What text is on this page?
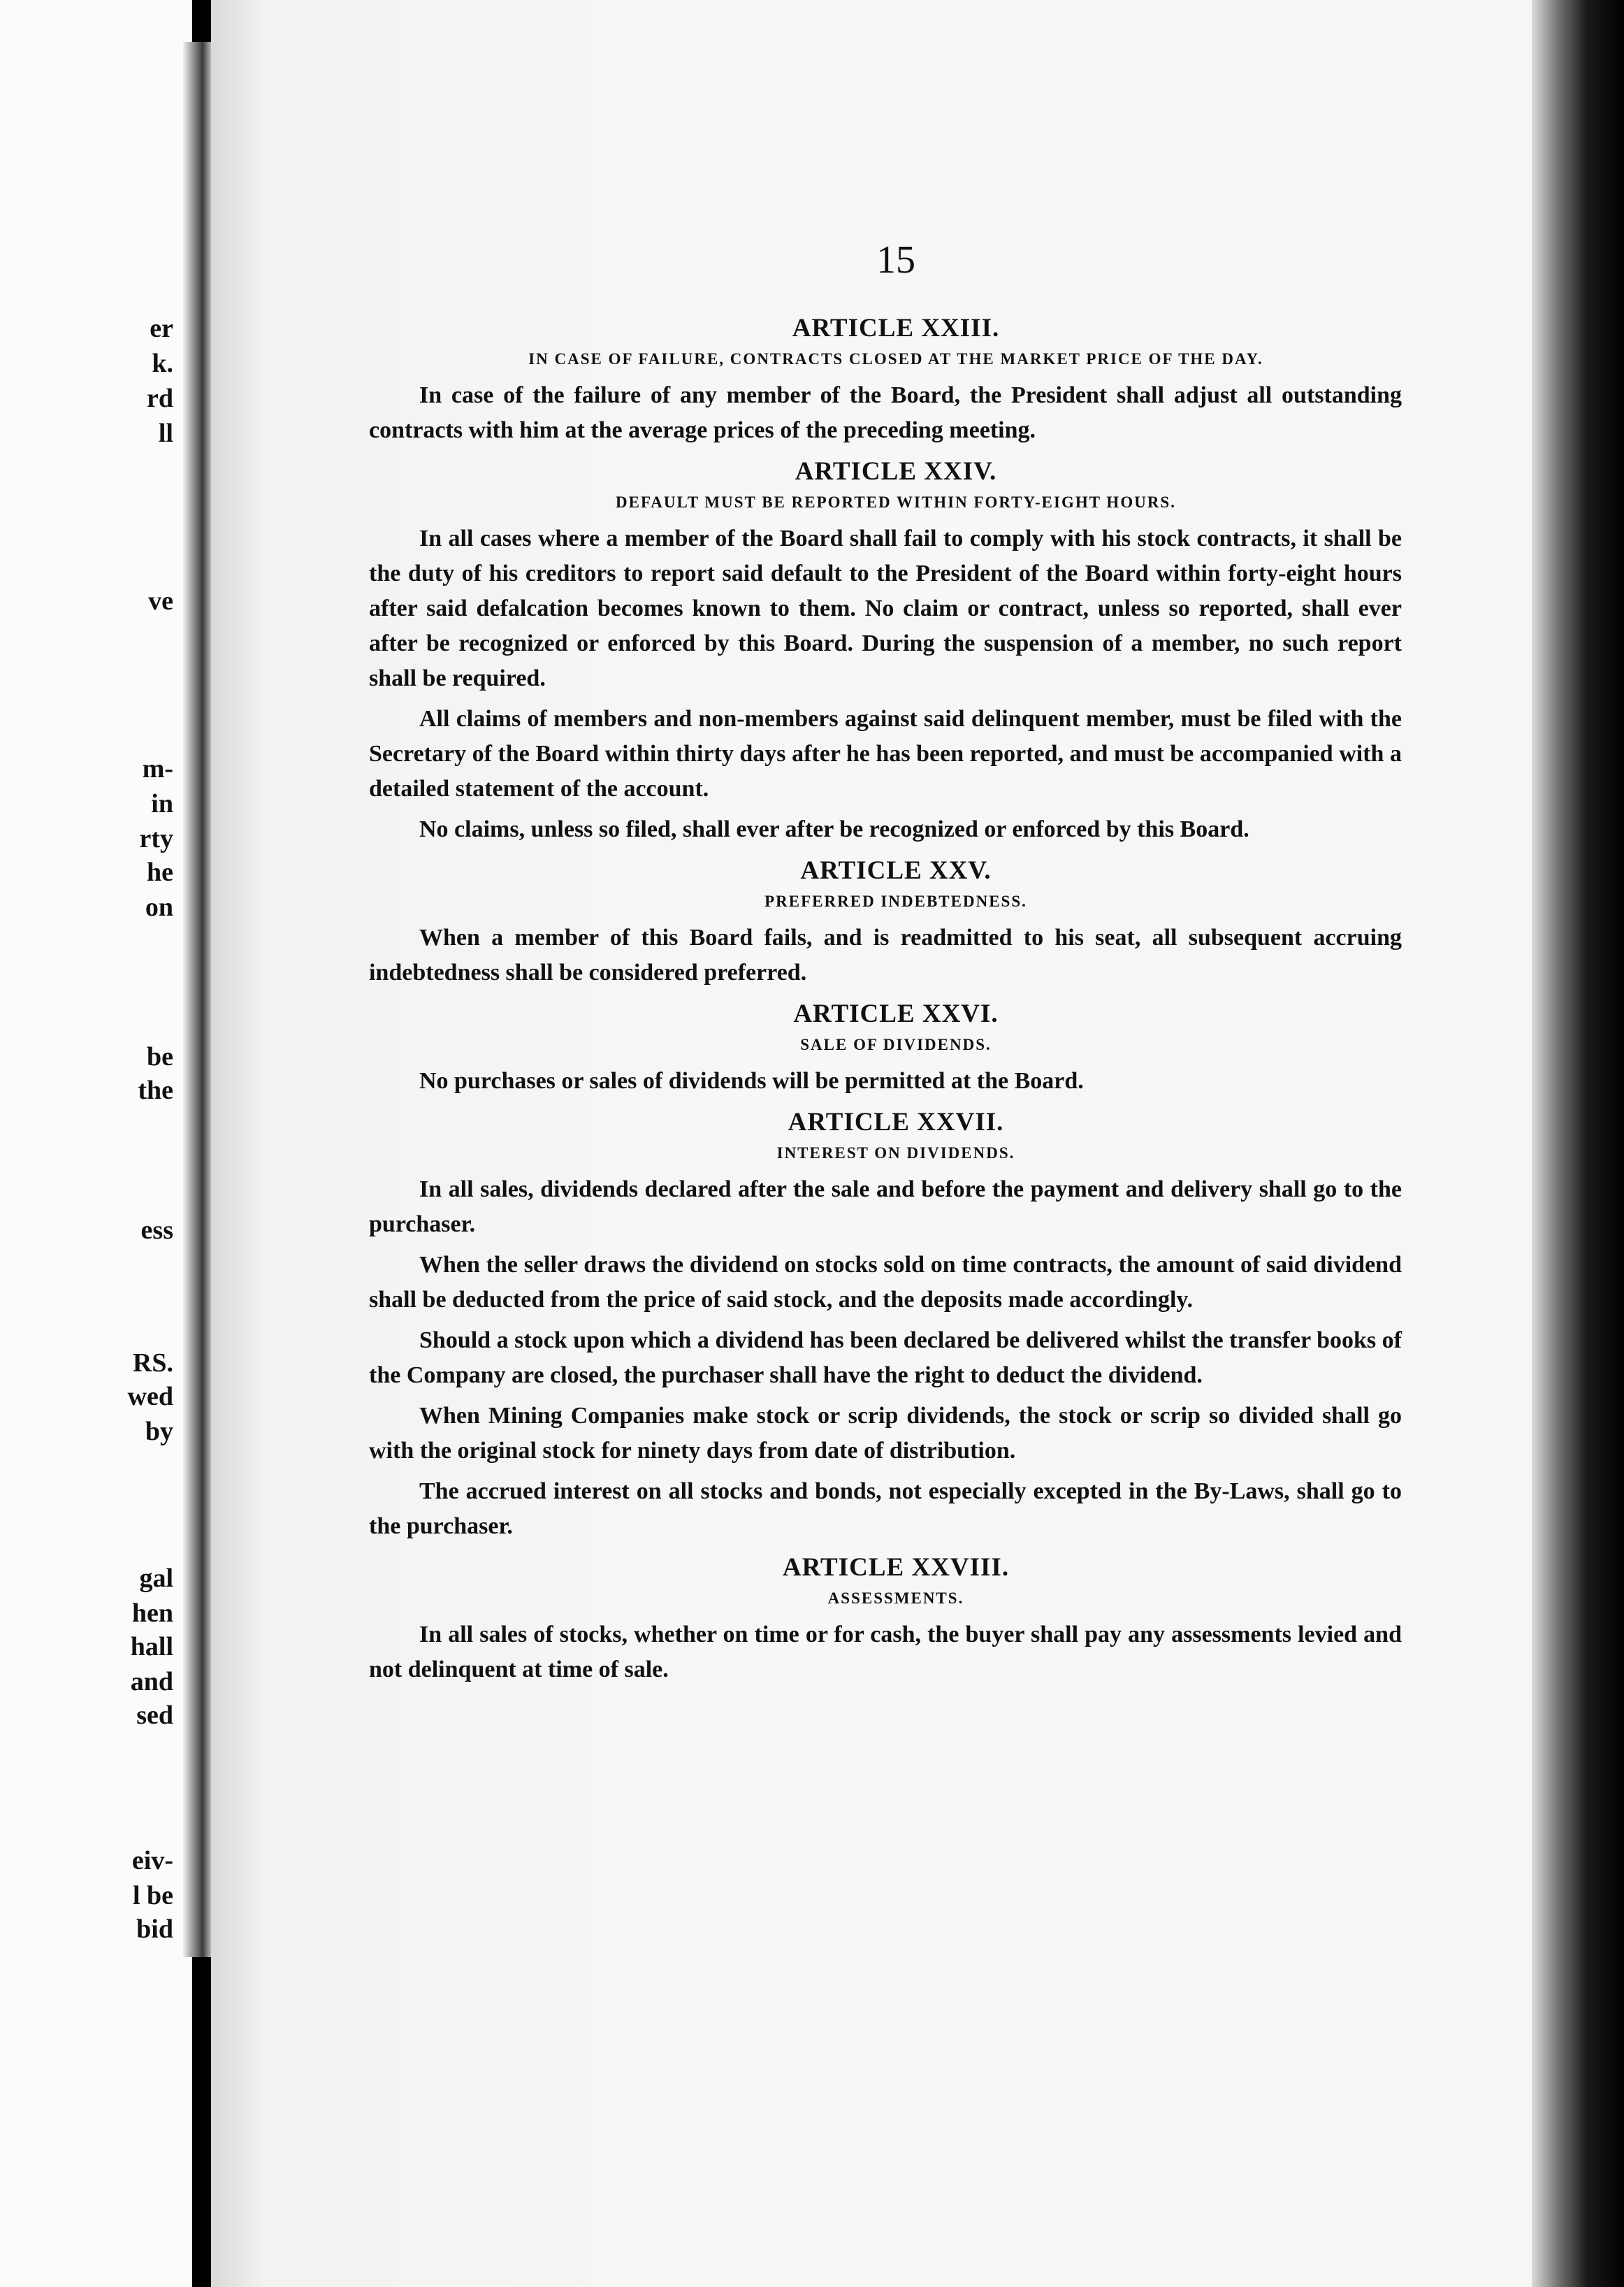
er
k.
rd
ll
ve
m-
in
rty
he
on
be
the
ess
RS.
wed
by
gal
hen
hall
and
sed
eiv-
l be
bid
15
ARTICLE XXIII.
IN CASE OF FAILURE, CONTRACTS CLOSED AT THE MARKET PRICE OF THE DAY.

In case of the failure of any member of the Board, the President shall adjust all outstanding contracts with him at the average prices of the preceding meeting.

ARTICLE XXIV.
DEFAULT MUST BE REPORTED WITHIN FORTY-EIGHT HOURS.

In all cases where a member of the Board shall fail to comply with his stock contracts, it shall be the duty of his creditors to report said default to the President of the Board within forty-eight hours after said defalcation becomes known to them. No claim or contract, unless so reported, shall ever after be recognized or enforced by this Board. During the suspension of a member, no such report shall be required.

All claims of members and non-members against said delinquent member, must be filed with the Secretary of the Board within thirty days after he has been reported, and must be accompanied with a detailed statement of the account.

No claims, unless so filed, shall ever after be recognized or enforced by this Board.

ARTICLE XXV.
PREFERRED INDEBTEDNESS.

When a member of this Board fails, and is readmitted to his seat, all subsequent accruing indebtedness shall be considered preferred.

ARTICLE XXVI.
SALE OF DIVIDENDS.

No purchases or sales of dividends will be permitted at the Board.

ARTICLE XXVII.
INTEREST ON DIVIDENDS.

In all sales, dividends declared after the sale and before the payment and delivery shall go to the purchaser.

When the seller draws the dividend on stocks sold on time contracts, the amount of said dividend shall be deducted from the price of said stock, and the deposits made accordingly.

Should a stock upon which a dividend has been declared be delivered whilst the transfer books of the Company are closed, the purchaser shall have the right to deduct the dividend.

When Mining Companies make stock or scrip dividends, the stock or scrip so divided shall go with the original stock for ninety days from date of distribution.

The accrued interest on all stocks and bonds, not especially excepted in the By-Laws, shall go to the purchaser.

ARTICLE XXVIII.
ASSESSMENTS.

In all sales of stocks, whether on time or for cash, the buyer shall pay any assessments levied and not delinquent at time of sale.
